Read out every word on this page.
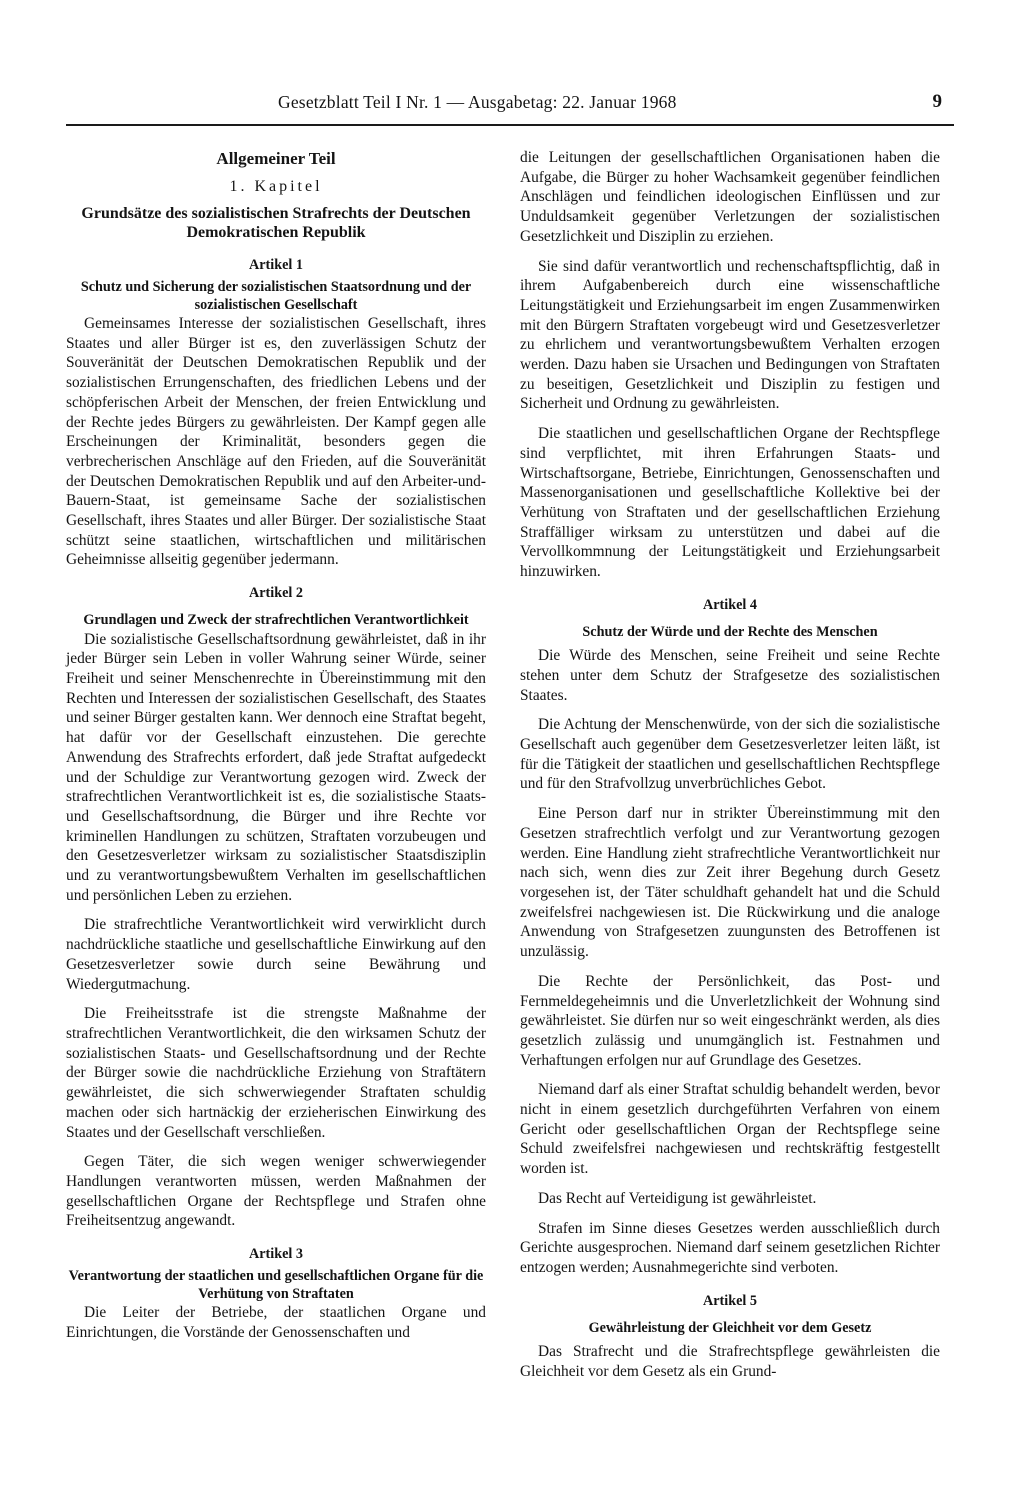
Gesetzblatt Teil I Nr. 1 — Ausgabetag: 22. Januar 1968	9
Allgemeiner Teil
1. Kapitel
Grundsätze des sozialistischen Strafrechts der Deutschen Demokratischen Republik
Artikel 1
Schutz und Sicherung der sozialistischen Staatsordnung und der sozialistischen Gesellschaft

Gemeinsames Interesse der sozialistischen Gesellschaft, ihres Staates und aller Bürger ist es, den zuverlässigen Schutz der Souveränität der Deutschen Demokratischen Republik und der sozialistischen Errungenschaften, des friedlichen Lebens und der schöpferischen Arbeit der Menschen, der freien Entwicklung und der Rechte jedes Bürgers zu gewährleisten. Der Kampf gegen alle Erscheinungen der Kriminalität, besonders gegen die verbrecherischen Anschläge auf den Frieden, auf die Souveränität der Deutschen Demokratischen Republik und auf den Arbeiter-und-Bauern-Staat, ist gemeinsame Sache der sozialistischen Gesellschaft, ihres Staates und aller Bürger. Der sozialistische Staat schützt seine staatlichen, wirtschaftlichen und militärischen Geheimnisse allseitig gegenüber jedermann.

Artikel 2
Grundlagen und Zweck der strafrechtlichen Verantwortlichkeit

Die sozialistische Gesellschaftsordnung gewährleistet, daß in ihr jeder Bürger sein Leben in voller Wahrung seiner Würde, seiner Freiheit und seiner Menschenrechte in Übereinstimmung mit den Rechten und Interessen der sozialistischen Gesellschaft, des Staates und seiner Bürger gestalten kann. Wer dennoch eine Straftat begeht, hat dafür vor der Gesellschaft einzustehen. Die gerechte Anwendung des Strafrechts erfordert, daß jede Straftat aufgedeckt und der Schuldige zur Verantwortung gezogen wird. Zweck der strafrechtlichen Verantwortlichkeit ist es, die sozialistische Staats- und Gesellschaftsordnung, die Bürger und ihre Rechte vor kriminellen Handlungen zu schützen, Straftaten vorzubeugen und den Gesetzesverletzer wirksam zu sozialistischer Staatsdisziplin und zu verantwortungsbewußtem Verhalten im gesellschaftlichen und persönlichen Leben zu erziehen.

Die strafrechtliche Verantwortlichkeit wird verwirklicht durch nachdrückliche staatliche und gesellschaftliche Einwirkung auf den Gesetzesverletzer sowie durch seine Bewährung und Wiedergutmachung.

Die Freiheitsstrafe ist die strengste Maßnahme der strafrechtlichen Verantwortlichkeit, die den wirksamen Schutz der sozialistischen Staats- und Gesellschaftsordnung und der Rechte der Bürger sowie die nachdrückliche Erziehung von Straftätern gewährleistet, die sich schwerwiegender Straftaten schuldig machen oder sich hartnäckig der erzieherischen Einwirkung des Staates und der Gesellschaft verschließen.

Gegen Täter, die sich wegen weniger schwerwiegender Handlungen verantworten müssen, werden Maßnahmen der gesellschaftlichen Organe der Rechtspflege und Strafen ohne Freiheitsentzug angewandt.

Artikel 3
Verantwortung der staatlichen und gesellschaftlichen Organe für die Verhütung von Straftaten

Die Leiter der Betriebe, der staatlichen Organe und Einrichtungen, die Vorstände der Genossenschaften und

die Leitungen der gesellschaftlichen Organisationen haben die Aufgabe, die Bürger zu hoher Wachsamkeit gegenüber feindlichen Anschlägen und feindlichen ideologischen Einflüssen und zur Unduldsamkeit gegenüber Verletzungen der sozialistischen Gesetzlichkeit und Disziplin zu erziehen.

Sie sind dafür verantwortlich und rechenschaftspflichtig, daß in ihrem Aufgabenbereich durch eine wissenschaftliche Leitungstätigkeit und Erziehungsarbeit im engen Zusammenwirken mit den Bürgern Straftaten vorgebeugt wird und Gesetzesverletzer zu ehrlichem und verantwortungsbewußtem Verhalten erzogen werden. Dazu haben sie Ursachen und Bedingungen von Straftaten zu beseitigen, Gesetzlichkeit und Disziplin zu festigen und Sicherheit und Ordnung zu gewährleisten.

Die staatlichen und gesellschaftlichen Organe der Rechtspflege sind verpflichtet, mit ihren Erfahrungen Staats- und Wirtschaftsorgane, Betriebe, Einrichtungen, Genossenschaften und Massenorganisationen und gesellschaftliche Kollektive bei der Verhütung von Straftaten und der gesellschaftlichen Erziehung Straffälliger wirksam zu unterstützen und dabei auf die Vervollkommnung der Leitungstätigkeit und Erziehungsarbeit hinzuwirken.

Artikel 4
Schutz der Würde und der Rechte des Menschen

Die Würde des Menschen, seine Freiheit und seine Rechte stehen unter dem Schutz der Strafgesetze des sozialistischen Staates.

Die Achtung der Menschenwürde, von der sich die sozialistische Gesellschaft auch gegenüber dem Gesetzesverletzer leiten läßt, ist für die Tätigkeit der staatlichen und gesellschaftlichen Rechtspflege und für den Strafvollzug unverbrüchliches Gebot.

Eine Person darf nur in strikter Übereinstimmung mit den Gesetzen strafrechtlich verfolgt und zur Verantwortung gezogen werden. Eine Handlung zieht strafrechtliche Verantwortlichkeit nur nach sich, wenn dies zur Zeit ihrer Begehung durch Gesetz vorgesehen ist, der Täter schuldhaft gehandelt hat und die Schuld zweifelsfrei nachgewiesen ist. Die Rückwirkung und die analoge Anwendung von Strafgesetzen zuungunsten des Betroffenen ist unzulässig.

Die Rechte der Persönlichkeit, das Post- und Fernmeldegeheimnis und die Unverletzlichkeit der Wohnung sind gewährleistet. Sie dürfen nur so weit eingeschränkt werden, als dies gesetzlich zulässig und unumgänglich ist. Festnahmen und Verhaftungen erfolgen nur auf Grundlage des Gesetzes.

Niemand darf als einer Straftat schuldig behandelt werden, bevor nicht in einem gesetzlich durchgeführten Verfahren von einem Gericht oder gesellschaftlichen Organ der Rechtspflege seine Schuld zweifelsfrei nachgewiesen und rechtskräftig festgestellt worden ist.

Das Recht auf Verteidigung ist gewährleistet.

Strafen im Sinne dieses Gesetzes werden ausschließlich durch Gerichte ausgesprochen. Niemand darf seinem gesetzlichen Richter entzogen werden; Ausnahmegerichte sind verboten.

Artikel 5
Gewährleistung der Gleichheit vor dem Gesetz

Das Strafrecht und die Strafrechtspflege gewährleisten die Gleichheit vor dem Gesetz als ein Grund-
